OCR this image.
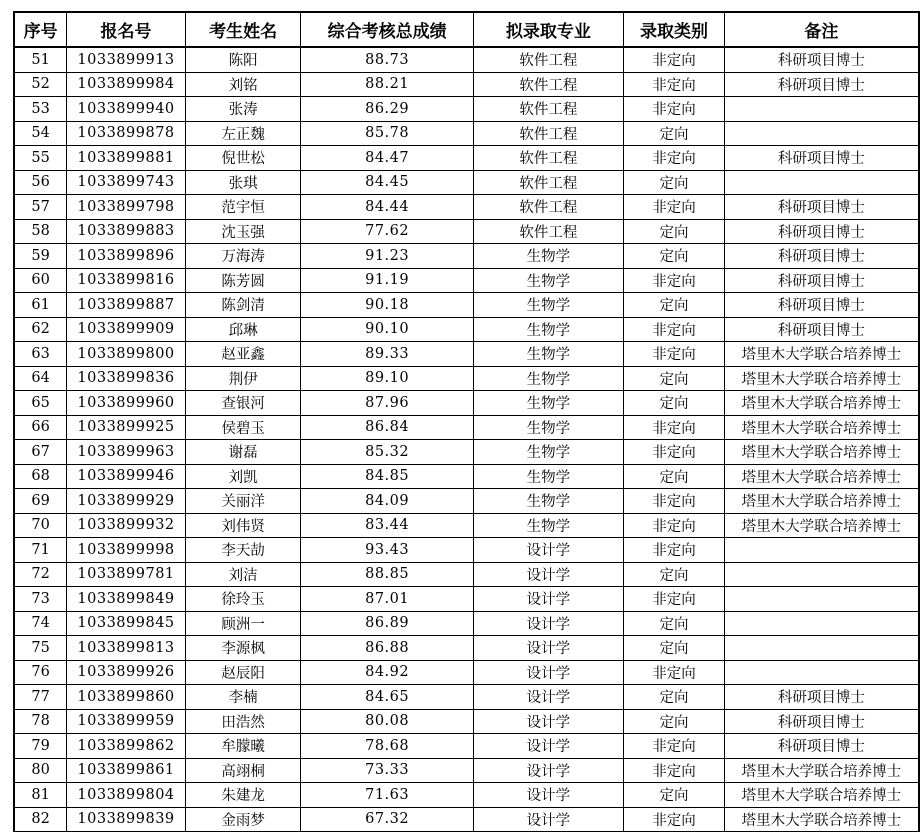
序号	报名号	考生姓名	综合考核总成绩	拟录取专业	录取类别	备注
51	1033899913	陈阳	88.73	软件工程	非定向	科研项目博士
52	1033899984	刘铭	88.21	软件工程	非定向	科研项目博士
53	1033899940	张涛	86.29	软件工程	非定向	
54	1033899878	左正魏	85.78	软件工程	定向	
55	1033899881	倪世松	84.47	软件工程	非定向	科研项目博士
56	1033899743	张琪	84.45	软件工程	定向	
57	1033899798	范宇恒	84.44	软件工程	非定向	科研项目博士
58	1033899883	沈玉强	77.62	软件工程	定向	科研项目博士
59	1033899896	万海涛	91.23	生物学	定向	科研项目博士
60	1033899816	陈芳圆	91.19	生物学	非定向	科研项目博士
61	1033899887	陈剑清	90.18	生物学	定向	科研项目博士
62	1033899909	邱琳	90.10	生物学	非定向	科研项目博士
63	1033899800	赵亚鑫	89.33	生物学	非定向	塔里木大学联合培养博士
64	1033899836	荆伊	89.10	生物学	定向	塔里木大学联合培养博士
65	1033899960	查银河	87.96	生物学	定向	塔里木大学联合培养博士
66	1033899925	侯碧玉	86.84	生物学	非定向	塔里木大学联合培养博士
67	1033899963	谢磊	85.32	生物学	非定向	塔里木大学联合培养博士
68	1033899946	刘凯	84.85	生物学	定向	塔里木大学联合培养博士
69	1033899929	关丽洋	84.09	生物学	非定向	塔里木大学联合培养博士
70	1033899932	刘伟贤	83.44	生物学	非定向	塔里木大学联合培养博士
71	1033899998	李天劼	93.43	设计学	非定向	
72	1033899781	刘洁	88.85	设计学	定向	
73	1033899849	徐玲玉	87.01	设计学	非定向	
74	1033899845	顾洲一	86.89	设计学	定向	
75	1033899813	李源枫	86.88	设计学	定向	
76	1033899926	赵辰阳	84.92	设计学	非定向	
77	1033899860	李楠	84.65	设计学	定向	科研项目博士
78	1033899959	田浩然	80.08	设计学	定向	科研项目博士
79	1033899862	牟朦曦	78.68	设计学	非定向	科研项目博士
80	1033899861	高翊桐	73.33	设计学	非定向	塔里木大学联合培养博士
81	1033899804	朱建龙	71.63	设计学	定向	塔里木大学联合培养博士
82	1033899839	金雨梦	67.32	设计学	非定向	塔里木大学联合培养博士
